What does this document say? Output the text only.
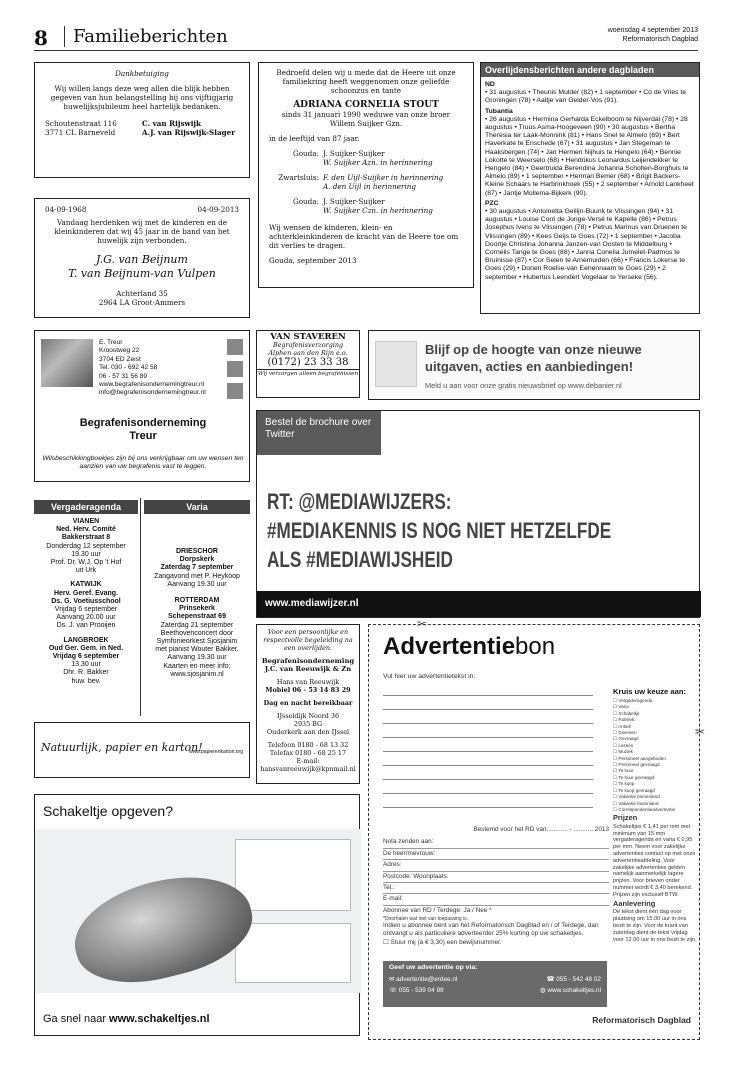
8	Familieberichten	woensdag 4 september 2013
Reformatorisch Dagblad
Dankbetuiging
Wij willen langs deze weg allen die blijk hebben gegeven van hun belangstelling bij ons vijftigjarig huwelijksjubileum heel hartelijk bedanken.
Schoutenstraat 116	C. van Rijswijk
3771 CL Barneveld	A.J. van Rijswijk-Slager
04-09-1968	04-09-2013
Vandaag herdenken wij met de kinderen en de kleinkinderen dat wij 45 jaar in de band van het huwelijk zijn verbonden.
J.G. van Beijnum
T. van Beijnum-van Vulpen
Achterland 35
2964 LA Groot-Ammers
Bedroefd delen wij u mede dat de Heere uit onze familiekring heeft weggenomen onze geliefde schoonzus en tante
ADRIANA CORNELIA STOUT
sinds 31 januari 1990 weduwe van onze broer Willem Suijker Gzn.
in de leeftijd van 87 jaar.
Gouda: J. Suijker-Suijker
W. Suijker Azn. in herinnering
Zwartsluis: F. den Uijl-Suijker in herinnering
A. den Uijl in herinnering
Gouda: J. Suijker-Suijker
W. Suijker Czn. in herinnering
Wij wensen de kinderen, klein- en achterkleinkinderen de kracht van de Heere toe om dit verlies te dragen.
Gouda, september 2013
Overlijdensberichten andere dagbladen
ND
• 31 augustus • Theunis Mulder (82) • 1 september • Co de Vries te Groningen (78) • Aaltje van Gelder-Vos (91).
Tubantia
• 26 augustus • Hermina Gerharda Eckelboom te Nijverdal (78) • 28 augustus • Truus Asma-Hoogeveen (90) • 30 augustus • Bertha Theresia ter Laak-Monnink (81) • Hans Snel te Almelo (69) • Bert Haverkate te Enschede (67) • 31 augustus • Jan Stegeman te Haaksbergen (74) • Jan Hermen Nijhuis te Hengelo (64) • Bennie Lokotte te Weerselo (68) • Hendrikus Leonardus Leijendekker te Hengelo (84) • Geertruida Berendina Johanna Scholten-Borghuis te Almelo (89) • 1 september • Herman Bemer (68) • Brigit Backers-Kleine Schaars te Harbrinkhoek (55) • 2 september • Arnold Lankheet (87) • Jantje Mollema-Bijkerk (90).
PZC
• 30 augustus • Antoinetta Geilijn-Buunk te Vlissingen (94) • 31 augustus • Louise Corri de Jonge-Versé te Kapelle (86) • Petrus Josephus Ivens te Vlissingen (78) • Petrus Marinus van Druenen te Vlissingen (89) • Kees Geijs te Goes (72) • 1 september • Jacoba Doortje Christina Johanna Janzen-van Oosten te Middelburg • Cornelis Tange te Goes (88) • Janna Conelia Jumelet-Padmos te Bruinisse (87) • Cor Selen te Arnemuiden (66) • Francis Lokerse te Goes (29) • Dorien Roelse-van Eenennaam te Goes (29) • 2 september • Hubertus Leendert Vogelaar te Yerseke (56).
E. Treur
Kroostweg 22
3704 ED Zeist
Tel. 030 - 692 42 58
06 - 57 31 56 89
www.begrafenisondernemingtreur.nl
info@begrafenisondernemingtreur.nl
Begrafenisonderneming
Treur
Wilsbeschikkingboekjes zijn bij ons verkrijgbaar om uw wensen ten aanzien van uw begrafenis vast te leggen.
VAN STAVEREN
Begrafenisverzorging
Alphen aan den Rijn e.o.
(0172) 23 33 38
Wij verzorgen alleen begrafenissen
Blijf op de hoogte van onze nieuwe
uitgaven, acties en aanbiedingen!
Meld u aan voor onze gratis nieuwsbrief op www.debanier.nl
Bestel de brochure over Twitter
RT: @MEDIAWIJZERS:
#MEDIAKENNIS IS NOG NIET HETZELFDE
ALS #MEDIAWIJSHEID
www.mediawijzer.nl
Vergaderagenda	Varia
VIANEN
Ned. Herv. Comité
Bakkerstraat 8
Donderdag 12 september
19.30 uur
Prof. Dr. W.J. Op 't Hof
uit Urk
KATWIJK
Herv. Geref. Evang.
Ds. G. Voetiusschool
Vrijdag 6 september
Aanvang 20.00 uur
Ds. J. van Prooijen
LANGBROEK
Oud Ger. Gem. in Ned.
Vrijdag 6 september
13.30 uur
Dhr. R. Bakker
huw. bev.
DRIESCHOR
Dorpskerk
Zaterdag 7 september
Zangavond met P. Heykoop
Aanvang 19.30 uur
ROTTERDAM
Prinsekerk
Schepenstraat 69
Zaterdag 21 september
Beethovenconcert door
Symfonieorkest Sjosjanim
met pianist Wouter Bakker.
Aanvang 19.30 uur
Kaarten en meer info:
www.sjosjanim.nl

Voor een persoonlijke en respectvolle begeleiding na een overlijden.

Begrafenisonderneming J.C. van Reeuwijk & Zn

Hans van Reeuwijk

Mobiel 06 - 53 14 83 29

Dag en nacht bereikbaar

IJsseldijk Noord 36
2935 BG

Ouderkerk aan den IJssel

Telefoon 0180 - 68 13 32
Telefax 0180 - 68 25 17
E-mail:
hansvanreeuwijk@kpnmail.nl
Natuurlijk, papier en karton!
www.papierenkarton.org
Schakeltje opgeven?
Ga snel naar www.schakeltjes.nl
✂
✂
Advertentiebon
Vul hier uw advertentietekst in:
Kruis uw keuze aan:
☐ Vergaderagenda
☐ Varia
☐ Schakeltje
☐ Rubriek:
☐ Antiek
☐ Diversen
☐ Gevraagd
☐ Lessen
☐ Muziek
☐ Personeel aangeboden
☐ Personeel gevraagd
☐ Te huur
☐ Te huur gevraagd
☐ Te koop
☐ Te koop gevraagd
☐ Vakantie binnenland
☐ Vakantie buitenland
☐ Correspondentieadvertentie
Prijzen
Schakeltjes € 1,41 per mm met minimum van 15 mm vergaderagenda en varia € 0,95 per mm. Neem voor zakelijke advertenties contact op met onze advertentieafdeling. Voor zakelijke advertenties gelden namelijk aanmerkelijk lagere prijzen. Voor brieven onder nummer wordt € 3,40 berekend. Prijzen zijn exclusief BTW.
Aanlevering
De tekst dient één dag voor plaatsing om 15.00 uur in ons bezit te zijn. Voor de krant van zaterdag dient de tekst vrijdag voor 12.00 uur in ons bezit te zijn.
Bestemd voor het RD van:........... - ........... 2013
Nota zenden aan:
De heer/mevrouw:
Adres:
Postcode: Woonplaats:
Tel.:
E-mail:
Abonnee van RD / Terdege: Ja / Nee *
*Doorhalen wat niet van toepassing is.
Indien u abonnee bent van het Reformatorisch Dagblad en / of Terdege, dan ontvangt u als particuliere adverteerder 25% korting op uw schakeltjes.
☐ Stuur mij (à € 3,30) een bewijsnummer.
Geef uw advertentie op via:
✉ advertentie@erdee.nl	☎ 055 - 542 48 02
☏ 055 - 539 04 99	◍ www.schakeltjes.nl
Reformatorisch Dagblad
